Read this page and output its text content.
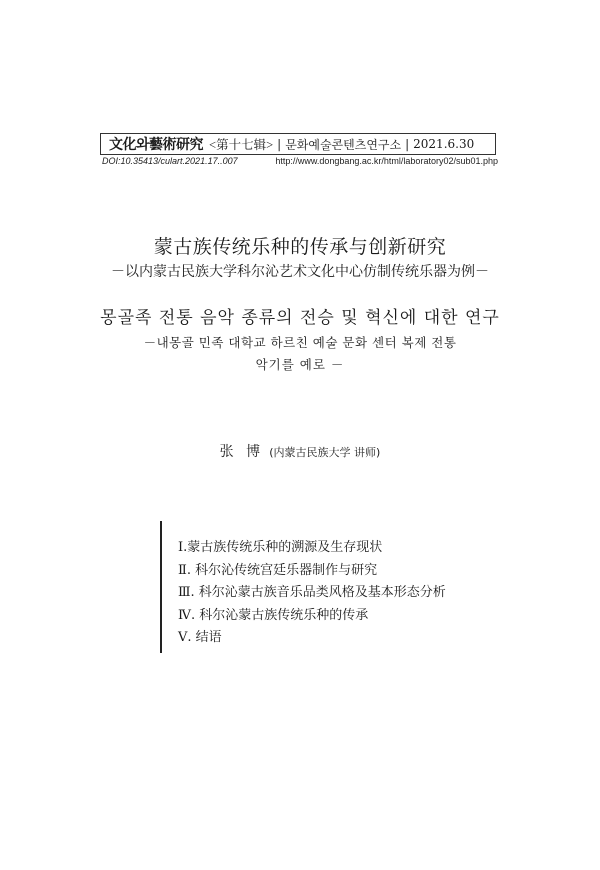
文化와藝術研究 <第十七辑> | 문화예술콘텐츠연구소 | 2021.6.30
DOI:10.35413/culart.2021.17..007	http://www.dongbang.ac.kr/html/laboratory02/sub01.php
蒙古族传统乐种的传承与创新研究
－以内蒙古民族大学科尔沁艺术文化中心仿制传统乐器为例－
몽골족 전통 음악 종류의 전승 및 혁신에 대한 연구
－내몽골 민족 대학교 하르친 예술 문화 센터 복제 전통
악기를 예로 －
张 博 (内蒙古民族大学 讲师)
Ⅰ.蒙古族传统乐种的溯源及生存现状
Ⅱ. 科尔沁传统宫廷乐器制作与研究
Ⅲ. 科尔沁蒙古族音乐品类风格及基本形态分析
Ⅳ. 科尔沁蒙古族传统乐种的传承
Ⅴ. 结语
